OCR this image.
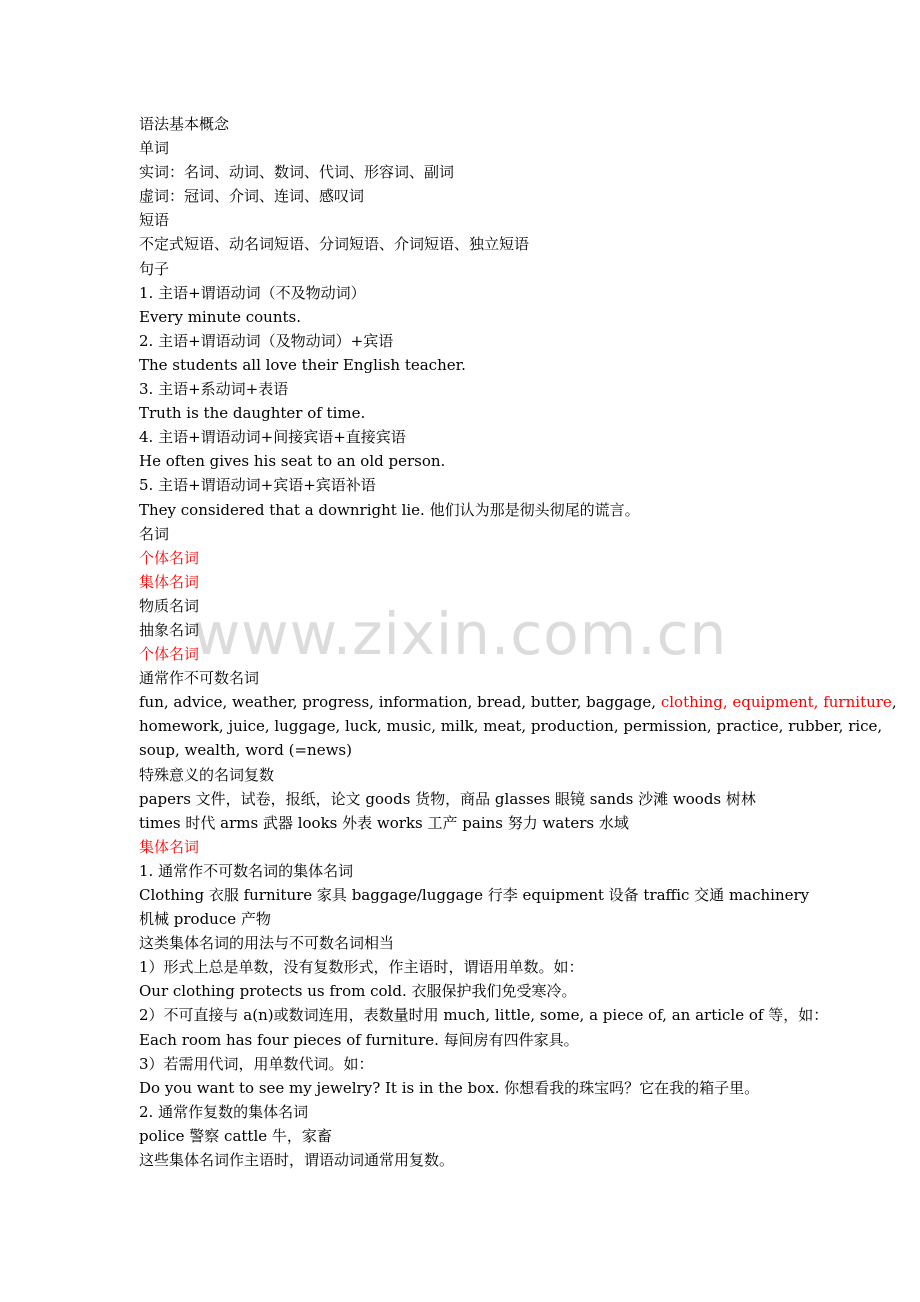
www.zixin.com.cn
语法基本概念
单词
实词：名词、动词、数词、代词、形容词、副词
虚词：冠词、介词、连词、感叹词
短语
不定式短语、动名词短语、分词短语、介词短语、独立短语
句子
1. 主语+谓语动词（不及物动词）
Every minute counts.
2. 主语+谓语动词（及物动词）+宾语
The students all love their English teacher.
3. 主语+系动词+表语
Truth is the daughter of time.
4. 主语+谓语动词+间接宾语+直接宾语
He often gives his seat to an old person.
5. 主语+谓语动词+宾语+宾语补语
They considered that a downright lie. 他们认为那是彻头彻尾的谎言。
名词
个体名词
集体名词
物质名词
抽象名词
个体名词
通常作不可数名词
fun, advice, weather, progress, information, bread, butter, baggage, clothing, equipment, furniture,
homework, juice, luggage, luck, music, milk, meat, production, permission, practice, rubber, rice,
soup, wealth, word (=news)
特殊意义的名词复数
papers 文件，试卷，报纸，论文 goods 货物，商品 glasses 眼镜 sands 沙滩 woods 树林
times 时代 arms 武器 looks 外表 works 工产 pains 努力 waters 水域
集体名词
1. 通常作不可数名词的集体名词
Clothing 衣服 furniture 家具 baggage/luggage 行李 equipment 设备 traffic 交通 machinery
机械 produce 产物
这类集体名词的用法与不可数名词相当
1）形式上总是单数，没有复数形式，作主语时，谓语用单数。如：
Our clothing protects us from cold. 衣服保护我们免受寒冷。
2）不可直接与 a(n)或数词连用，表数量时用 much, little, some, a piece of, an article of 等，如：
Each room has four pieces of furniture. 每间房有四件家具。
3）若需用代词，用单数代词。如：
Do you want to see my jewelry? It is in the box. 你想看我的珠宝吗？它在我的箱子里。
2. 通常作复数的集体名词
police 警察 cattle 牛，家畜
这些集体名词作主语时，谓语动词通常用复数。
